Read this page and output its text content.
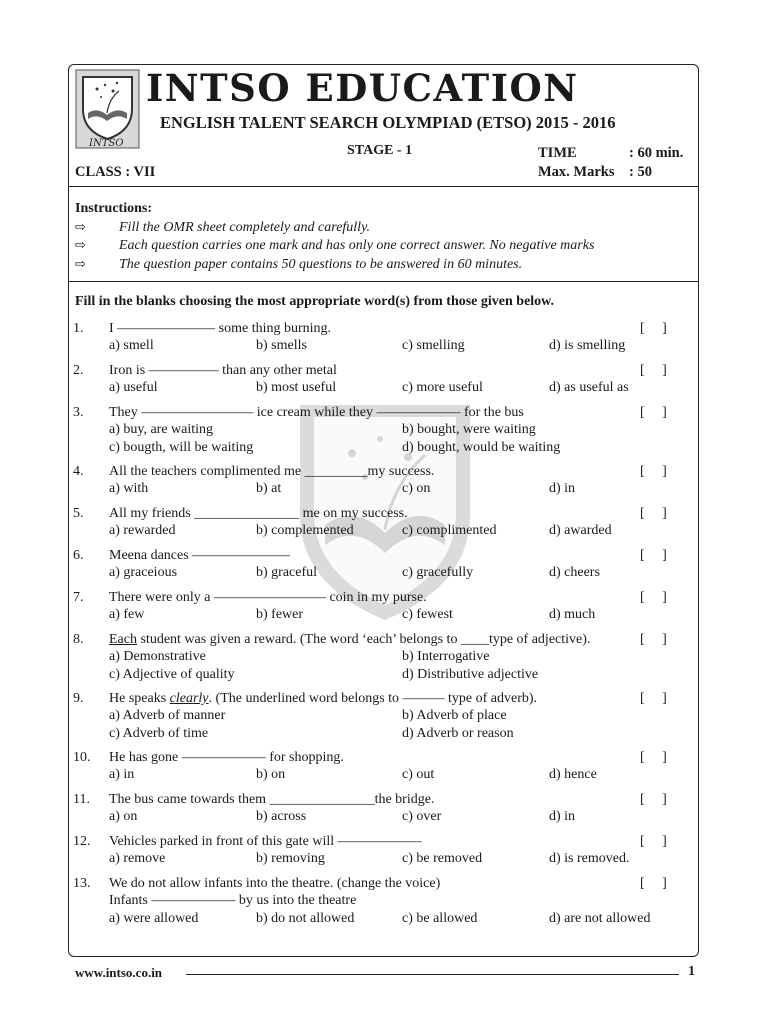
INTSO
INTSO EDUCATION
ENGLISH TALENT SEARCH OLYMPIAD (ETSO) 2015 - 2016
STAGE - 1	TIME	: 60 min.
CLASS : VII	Max. Marks : 50
Instructions:
⇨ Fill the OMR sheet completely and carefully.
⇨ Each question carries one mark and has only one correct answer. No negative marks
⇨ The question paper contains 50 questions to be answered in 60 minutes.
Fill in the blanks choosing the most appropriate word(s) from those given below.
1. I ——————— some thing burning.	[     ]
a) smell	b) smells	c) smelling	d) is smelling
2. Iron is ————— than any other metal	[     ]
a) useful	b) most useful	c) more useful	d) as useful as
3. They ———————— ice cream while they —————— for the bus	[     ]
a) buy, are waiting	b) bought, were waiting
c) bougth, will be waiting	d) bought, would be waiting
4. All the teachers complimented me _________my success.	[     ]
a) with	b) at	c) on	d) in
5. All my friends _______________ me on my success.	[     ]
a) rewarded	b) complemented	c) complimented	d) awarded
6. Meena dances ———————	[     ]
a) graceious	b) graceful	c) gracefully	d) cheers
7. There were only a ———————— coin in my purse.	[     ]
a) few	b) fewer	c) fewest	d) much
8. Each student was given a reward. (The word ‘each’ belongs to ____type of adjective).	[     ]
a) Demonstrative	b) Interrogative
c) Adjective of quality	d) Distributive adjective
9. He speaks clearly. (The underlined word belongs to ——— type of adverb).	[     ]
a) Adverb of manner	b) Adverb of place
c) Adverb of time	d) Adverb or reason
10. He has gone —————— for shopping.	[     ]
a) in	b) on	c) out	d) hence
11. The bus came towards them _______________the bridge.	[     ]
a) on	b) across	c) over	d) in
12. Vehicles parked in front of this gate will ——————	[     ]
a) remove	b) removing	c) be removed	d) is removed.
13. We do not allow infants into the theatre. (change the voice)	[     ]
Infants —————— by us into the theatre
a) were allowed	b) do not allowed	c) be allowed	d) are not allowed
www.intso.co.in	1
